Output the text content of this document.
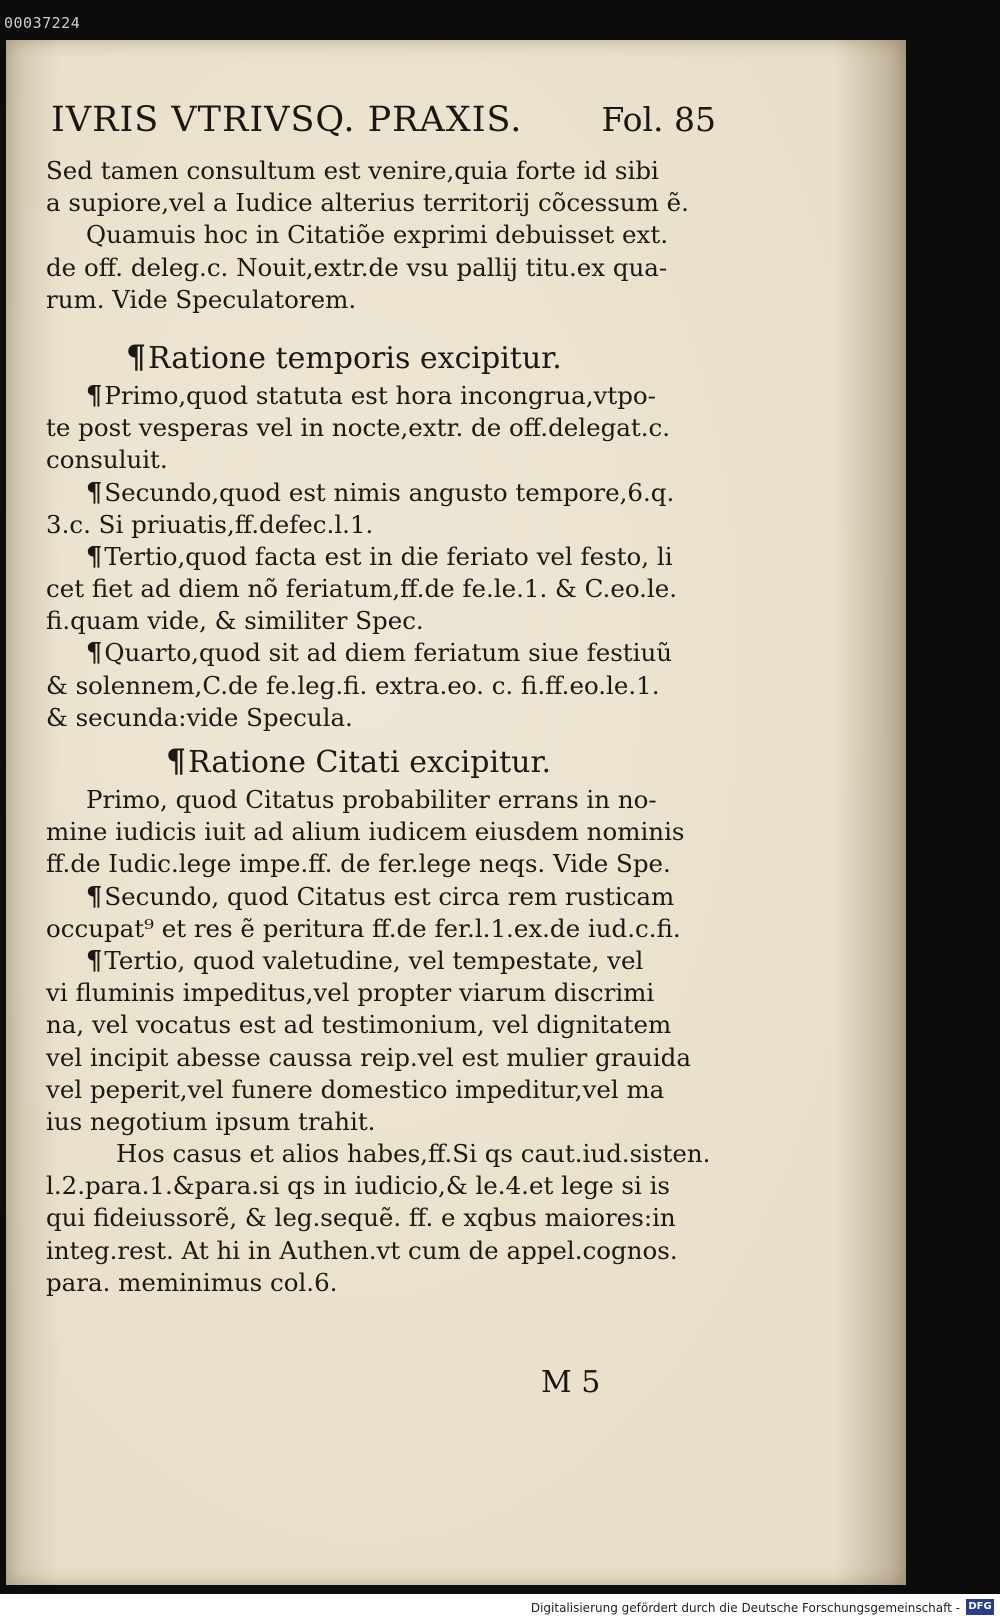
00037224
IVRIS VTRIVSQ. PRAXIS. Fol. 85
Sed tamen consultum est venire,quia forte id sibi
a supiore,vel a Iudice alterius territorij cõcessum ẽ.
Quamuis hoc in Citatiõe exprimi debuisset ext.
de off. deleg.c. Nouit,extr.de vsu pallij titu.ex qua-
rum. Vide Speculatorem.
¶Ratione temporis excipitur.
¶Primo,quod statuta est hora incongrua,vtpo-
te post vesperas vel in nocte,extr. de off.delegat.c.
consuluit.
¶Secundo,quod est nimis angusto tempore,6.q.
3.c. Si priuatis,ff.defec.l.1.
¶Tertio,quod facta est in die feriato vel festo, li
cet fiet ad diem nõ feriatum,ff.de fe.le.1. & C.eo.le.
fi.quam vide, & similiter Spec.
¶Quarto,quod sit ad diem feriatum siue festiuũ
& solennem,C.de fe.leg.fi. extra.eo. c. fi.ff.eo.le.1.
& secunda:vide Specula.
¶Ratione Citati excipitur.
Primo, quod Citatus probabiliter errans in no-
mine iudicis iuit ad alium iudicem eiusdem nominis
ff.de Iudic.lege impe.ff. de fer.lege neqs. Vide Spe.
¶Secundo, quod Citatus est circa rem rusticam
occupat⁹ et res ẽ peritura ff.de fer.l.1.ex.de iud.c.fi.
¶Tertio, quod valetudine, vel tempestate, vel
vi fluminis impeditus,vel propter viarum discrimi
na, vel vocatus est ad testimonium, vel dignitatem
vel incipit abesse caussa reip.vel est mulier grauida
vel peperit,vel funere domestico impeditur,vel ma
ius negotium ipsum trahit.
Hos casus et alios habes,ff.Si qs caut.iud.sisten.
l.2.para.1.&para.si qs in iudicio,& le.4.et lege si is
qui fideiussorẽ, & leg.sequẽ. ff. e xqbus maiores:in
integ.rest. At hi in Authen.vt cum de appel.cognos.
para. meminimus col.6.
M 5
Digitalisierung gefördert durch die Deutsche Forschungsgemeinschaft - DFG
